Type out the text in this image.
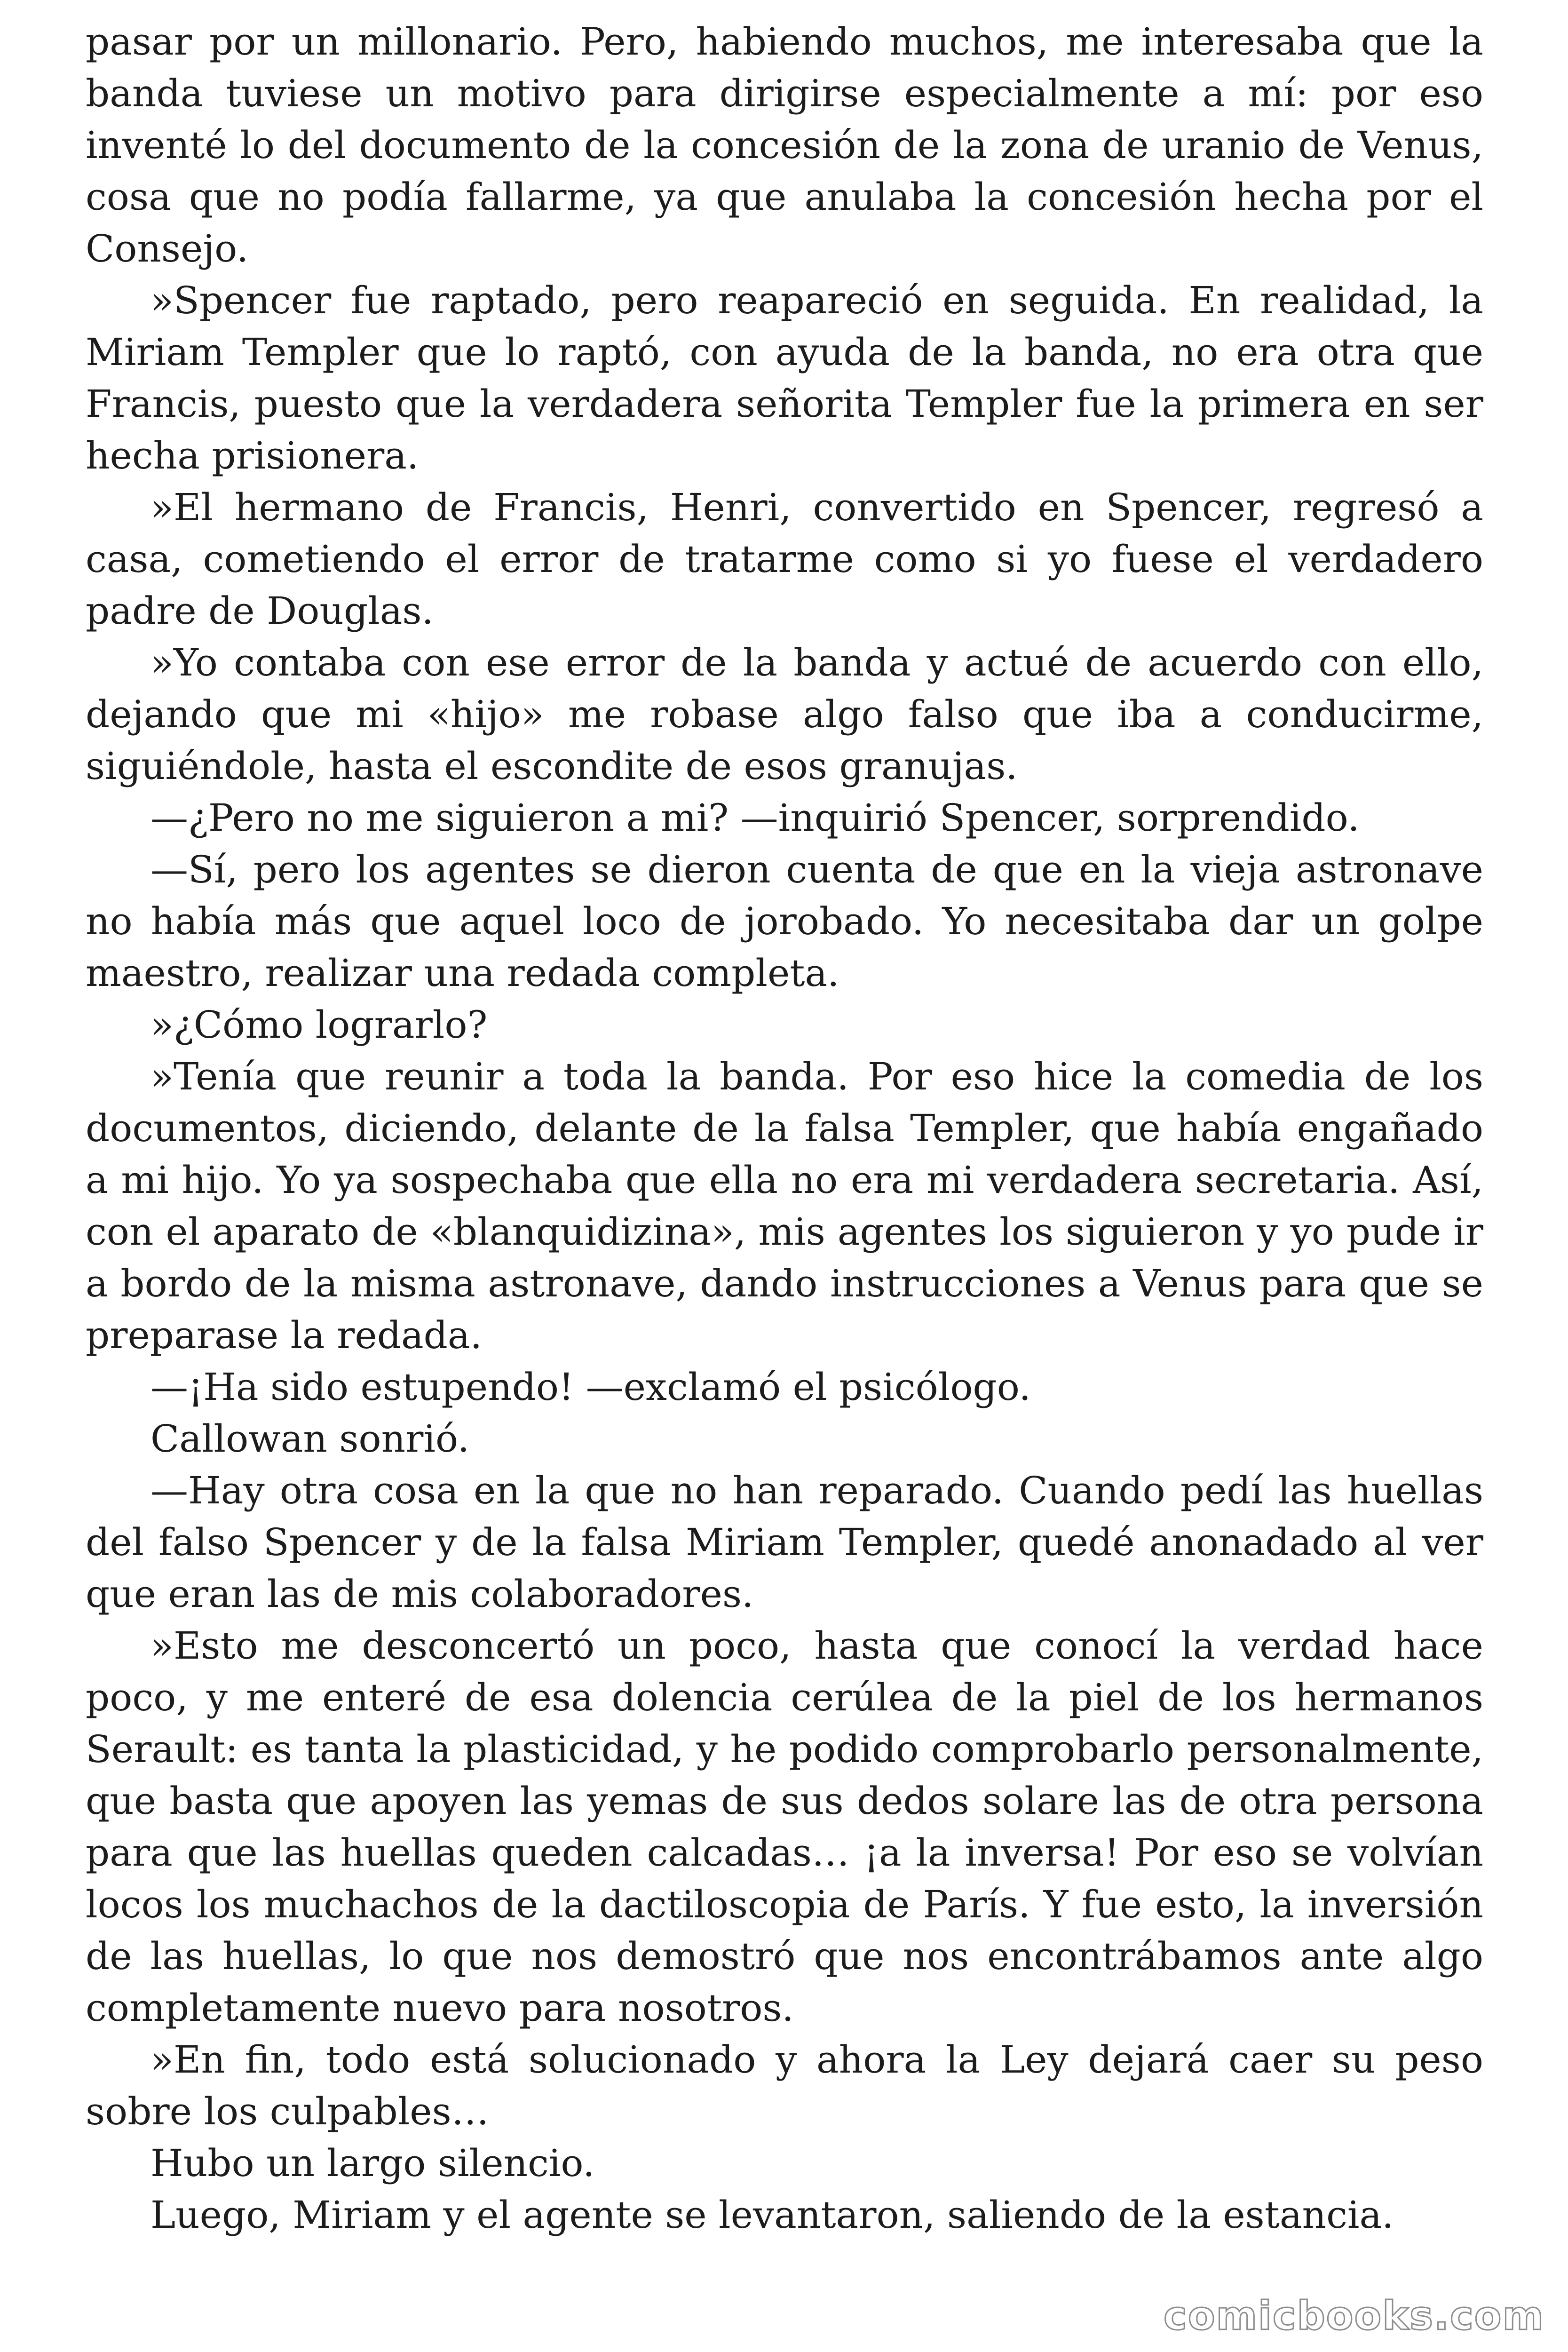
pasar por un millonario. Pero, habiendo muchos, me interesaba que la banda tuviese un motivo para dirigirse especialmente a mí: por eso inventé lo del documento de la concesión de la zona de uranio de Venus, cosa que no podía fallarme, ya que anulaba la concesión hecha por el Consejo.

»Spencer fue raptado, pero reapareció en seguida. En realidad, la Miriam Templer que lo raptó, con ayuda de la banda, no era otra que Francis, puesto que la verdadera señorita Templer fue la primera en ser hecha prisionera.

»El hermano de Francis, Henri, convertido en Spencer, regresó a casa, cometiendo el error de tratarme como si yo fuese el verdadero padre de Douglas.

»Yo contaba con ese error de la banda y actué de acuerdo con ello, dejando que mi «hijo» me robase algo falso que iba a conducirme, siguiéndole, hasta el escondite de esos granujas.

—¿Pero no me siguieron a mi? —inquirió Spencer, sorprendido.

—Sí, pero los agentes se dieron cuenta de que en la vieja astronave no había más que aquel loco de jorobado. Yo necesitaba dar un golpe maestro, realizar una redada completa.

»¿Cómo lograrlo?

»Tenía que reunir a toda la banda. Por eso hice la comedia de los documentos, diciendo, delante de la falsa Templer, que había engañado a mi hijo. Yo ya sospechaba que ella no era mi verdadera secretaria. Así, con el aparato de «blanquidizina», mis agentes los siguieron y yo pude ir a bordo de la misma astronave, dando instrucciones a Venus para que se preparase la redada.

—¡Ha sido estupendo! —exclamó el psicólogo.

Callowan sonrió.

—Hay otra cosa en la que no han reparado. Cuando pedí las huellas del falso Spencer y de la falsa Miriam Templer, quedé anonadado al ver que eran las de mis colaboradores.

»Esto me desconcertó un poco, hasta que conocí la verdad hace poco, y me enteré de esa dolencia cerúlea de la piel de los hermanos Serault: es tanta la plasticidad, y he podido comprobarlo personalmente, que basta que apoyen las yemas de sus dedos solare las de otra persona para que las huellas queden calcadas… ¡a la inversa! Por eso se volvían locos los muchachos de la dactiloscopia de París. Y fue esto, la inversión de las huellas, lo que nos demostró que nos encontrábamos ante algo completamente nuevo para nosotros.

»En fin, todo está solucionado y ahora la Ley dejará caer su peso sobre los culpables…

Hubo un largo silencio.

Luego, Miriam y el agente se levantaron, saliendo de la estancia.

comicbooks.com
